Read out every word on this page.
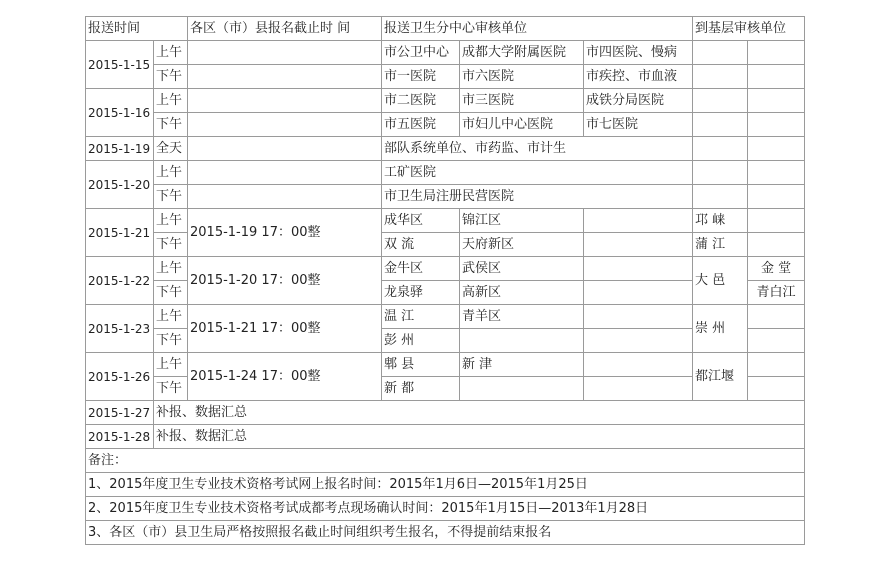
报送时间		各区（市）县报名截止时 间	报送卫生分中心审核单位			到基层审核单位	
2015-1-15	上午		市公卫中心	成都大学附属医院	市四医院、慢病		
	下午		市一医院	市六医院	市疾控、市血液		
2015-1-16	上午		市二医院	市三医院	成铁分局医院		
	下午		市五医院	市妇儿中心医院	市七医院		
2015-1-19	全天		部队系统单位、市药监、市计生				
2015-1-20	上午		工矿医院				
	下午		市卫生局注册民营医院				
2015-1-21	上午	2015-1-19 17：00整	成华区	锦江区		邛 崃	
	下午		双 流	天府新区		蒲 江	
2015-1-22	上午	2015-1-20 17：00整	金牛区	武侯区		大 邑	金 堂
	下午		龙泉驿	高新区			青白江
2015-1-23	上午	2015-1-21 17：00整	温 江	青羊区		崇 州	
	下午		彭 州				
2015-1-26	上午	2015-1-24 17：00整	郫 县	新 津		都江堰	
	下午		新 都				
2015-1-27	补报、数据汇总						
2015-1-28	补报、数据汇总						
备注：							
1、2015年度卫生专业技术资格考试网上报名时间：2015年1月6日—2015年1月25日							
2、2015年度卫生专业技术资格考试成都考点现场确认时间：2015年1月15日—2013年1月28日							
3、各区（市）县卫生局严格按照报名截止时间组织考生报名，不得提前结束报名							
